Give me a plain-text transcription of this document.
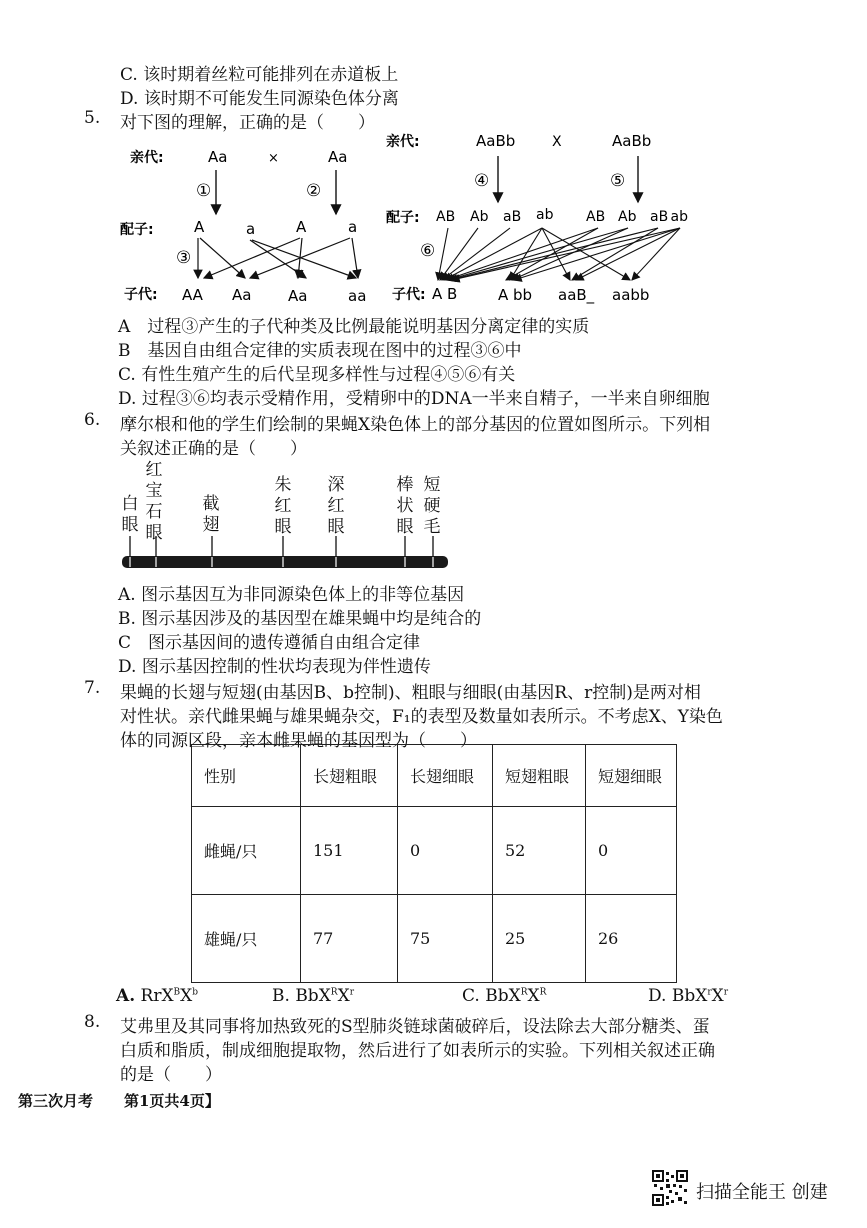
C. 该时期着丝粒可能排列在赤道板上
D. 该时期不可能发生同源染色体分离
5. 对下图的理解，正确的是（　　）
亲代:	Aa	×	Aa
①	②
配子:	A	a	A	a
③
子代: AA Aa Aa	aa
亲代:	AaBb	X	AaBb
④	⑤
配子: AB Ab aB ab AB Ab aB ab
⑥
子代: A B	A bb aaB_ aabb
A　过程③产生的子代种类及比例最能说明基因分离定律的实质
B　基因自由组合定律的实质表现在图中的过程③⑥中
C. 有性生殖产生的后代呈现多样性与过程④⑤⑥有关
D. 过程③⑥均表示受精作用，受精卵中的DNA一半来自精子，一半来自卵细胞
6. 摩尔根和他的学生们绘制的果蝇X染色体上的部分基因的位置如图所示。下列相
关叙述正确的是（　　）
白
眼
红
宝
石
眼
截
翅
朱
红
眼
深
红
眼
棒
状
眼
短
硬
毛
A. 图示基因互为非同源染色体上的非等位基因
B. 图示基因涉及的基因型在雄果蝇中均是纯合的
C　图示基因间的遗传遵循自由组合定律
D. 图示基因控制的性状均表现为伴性遗传
7. 果蝇的长翅与短翅(由基因B、b控制)、粗眼与细眼(由基因R、r控制)是两对相
对性状。亲代雌果蝇与雄果蝇杂交，F₁的表型及数量如表所示。不考虑X、Y染色
体的同源区段，亲本雌果蝇的基因型为（　　）
性别	长翅粗眼	长翅细眼	短翅粗眼	短翅细眼
雌蝇/只	151	0	52	0
雄蝇/只	77	75	25	26
A. $RrX^BX^b$	B. $BbX^RX^r$	C. $BbX^RX^R$	D. $BbX^rX^r$
8. 艾弗里及其同事将加热致死的S型肺炎链球菌破碎后，设法除去大部分糖类、蛋
白质和脂质，制成细胞提取物，然后进行了如表所示的实验。下列相关叙述正确
的是（　　）
第三次月考 第1页共4页】
扫描全能王 创建
